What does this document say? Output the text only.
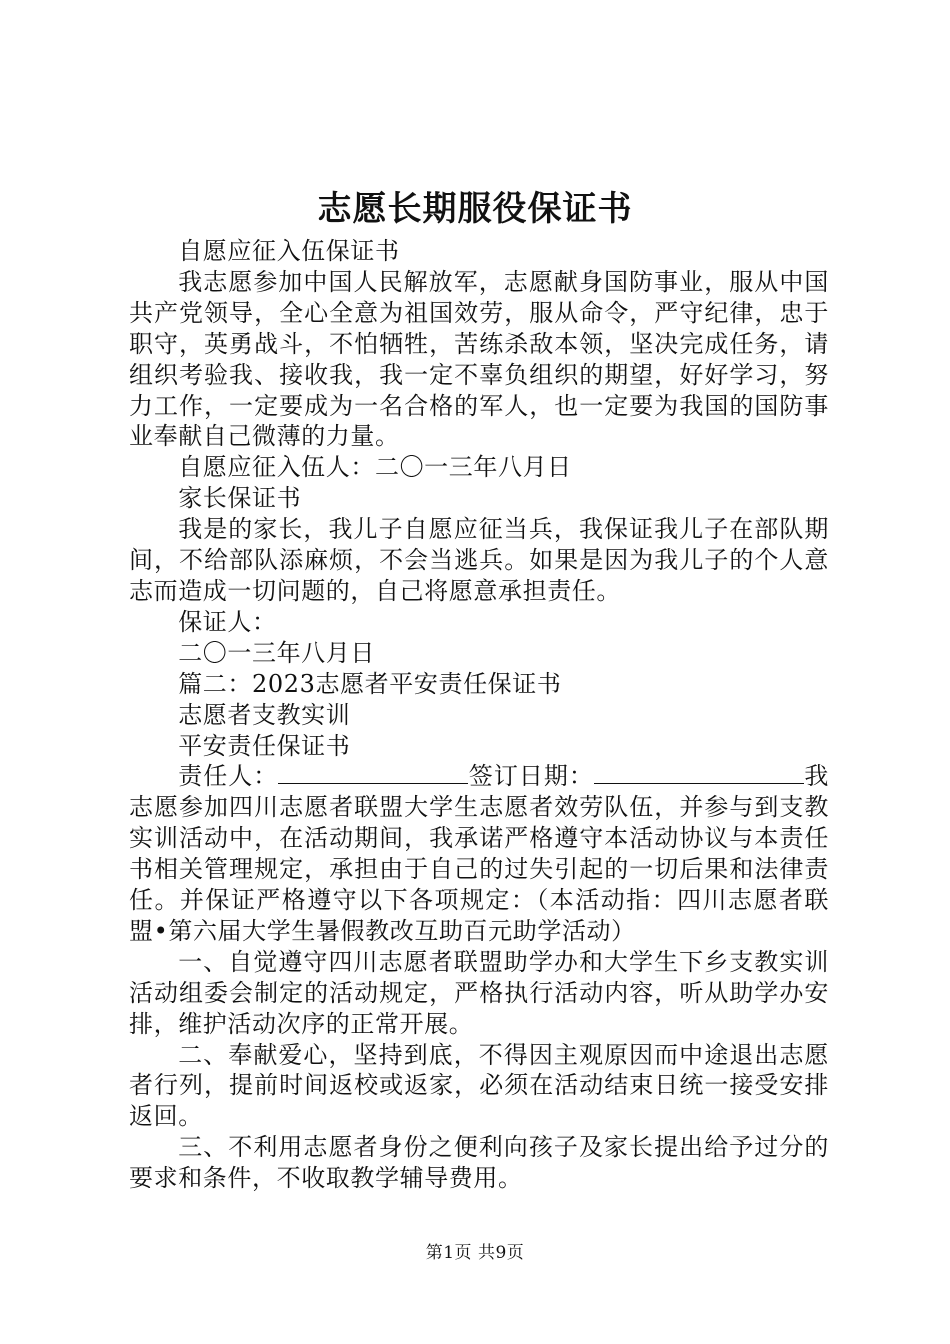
志愿长期服役保证书

自愿应征入伍保证书

我志愿参加中国人民解放军，志愿献身国防事业，服从中国共产党领导，全心全意为祖国效劳，服从命令，严守纪律，忠于职守，英勇战斗，不怕牺牲，苦练杀敌本领，坚决完成任务，请组织考验我、接收我，我一定不辜负组织的期望，好好学习，努力工作，一定要成为一名合格的军人，也一定要为我国的国防事业奉献自己微薄的力量。

自愿应征入伍人：二〇一三年八月日

家长保证书

我是的家长，我儿子自愿应征当兵，我保证我儿子在部队期间，不给部队添麻烦，不会当逃兵。如果是因为我儿子的个人意志而造成一切问题的，自己将愿意承担责任。

保证人：

二〇一三年八月日

篇二：2023志愿者平安责任保证书

志愿者支教实训

平安责任保证书

责任人：	签订日期：	我志愿参加四川志愿者联盟大学生志愿者效劳队伍，并参与到支教实训活动中，在活动期间，我承诺严格遵守本活动协议与本责任书相关管理规定，承担由于自己的过失引起的一切后果和法律责任。并保证严格遵守以下各项规定：（本活动指：四川志愿者联盟•第六届大学生暑假教改互助百元助学活动）

一、自觉遵守四川志愿者联盟助学办和大学生下乡支教实训活动组委会制定的活动规定，严格执行活动内容，听从助学办安排，维护活动次序的正常开展。

二、奉献爱心，坚持到底，不得因主观原因而中途退出志愿者行列，提前时间返校或返家，必须在活动结束日统一接受安排返回。

三、不利用志愿者身份之便利向孩子及家长提出给予过分的要求和条件，不收取教学辅导费用。

第1页 共9页
